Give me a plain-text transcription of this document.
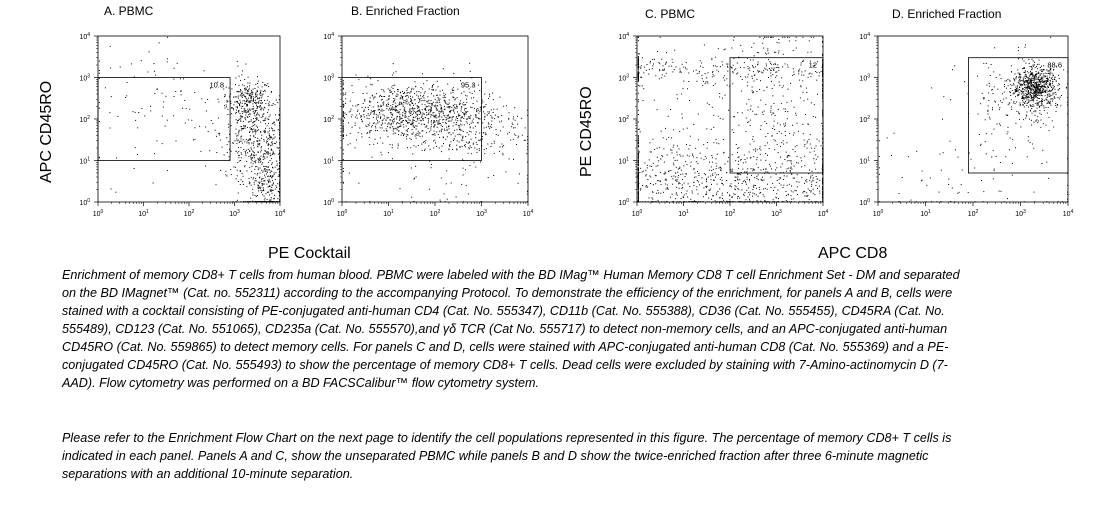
A. PBMC	B. Enriched Fraction	C. PBMC	D. Enriched Fraction
APC CD45RO	PE CD45RO
PE Cocktail	APC CD8
$10^0$
$10^0$
$10^1$
$10^1$
$10^2$
$10^2$
$10^3$
$10^3$
$10^4$
$10^4$
10.8
$10^0$
$10^0$
$10^1$
$10^1$
$10^2$
$10^2$
$10^3$
$10^3$
$10^4$
$10^4$
95.3
$10^0$
$10^0$
$10^1$
$10^1$
$10^2$
$10^2$
$10^3$
$10^3$
$10^4$
$10^4$
12
$10^0$
$10^0$
$10^1$
$10^1$
$10^2$
$10^2$
$10^3$
$10^3$
$10^4$
$10^4$
88.6

Enrichment of memory CD8+ T cells from human blood. PBMC were labeled with the BD IMag™ Human Memory CD8 T cell Enrichment Set - DM and separated on the BD IMagnet™ (Cat. no. 552311) according to the accompanying Protocol. To demonstrate the efficiency of the enrichment, for panels A and B, cells were stained with a cocktail consisting of PE-conjugated anti-human CD4 (Cat. No. 555347), CD11b (Cat. No. 555388), CD36 (Cat. No. 555455), CD45RA (Cat. No. 555489), CD123 (Cat. No. 551065), CD235a (Cat. No. 555570),and γδ TCR (Cat No. 555717) to detect non-memory cells, and an APC-conjugated anti-human CD45RO (Cat. No. 559865) to detect memory cells. For panels C and D, cells were stained with APC-conjugated anti-human CD8 (Cat. No. 555369) and a PE-conjugated CD45RO (Cat. No. 555493) to show the percentage of memory CD8+ T cells. Dead cells were excluded by staining with 7-Amino-actinomycin D (7-AAD). Flow cytometry was performed on a BD FACSCalibur™ flow cytometry system.

Please refer to the Enrichment Flow Chart on the next page to identify the cell populations represented in this figure. The percentage of memory CD8+ T cells is indicated in each panel. Panels A and C, show the unseparated PBMC while panels B and D show the twice-enriched fraction after three 6-minute magnetic separations with an additional 10-minute separation.
